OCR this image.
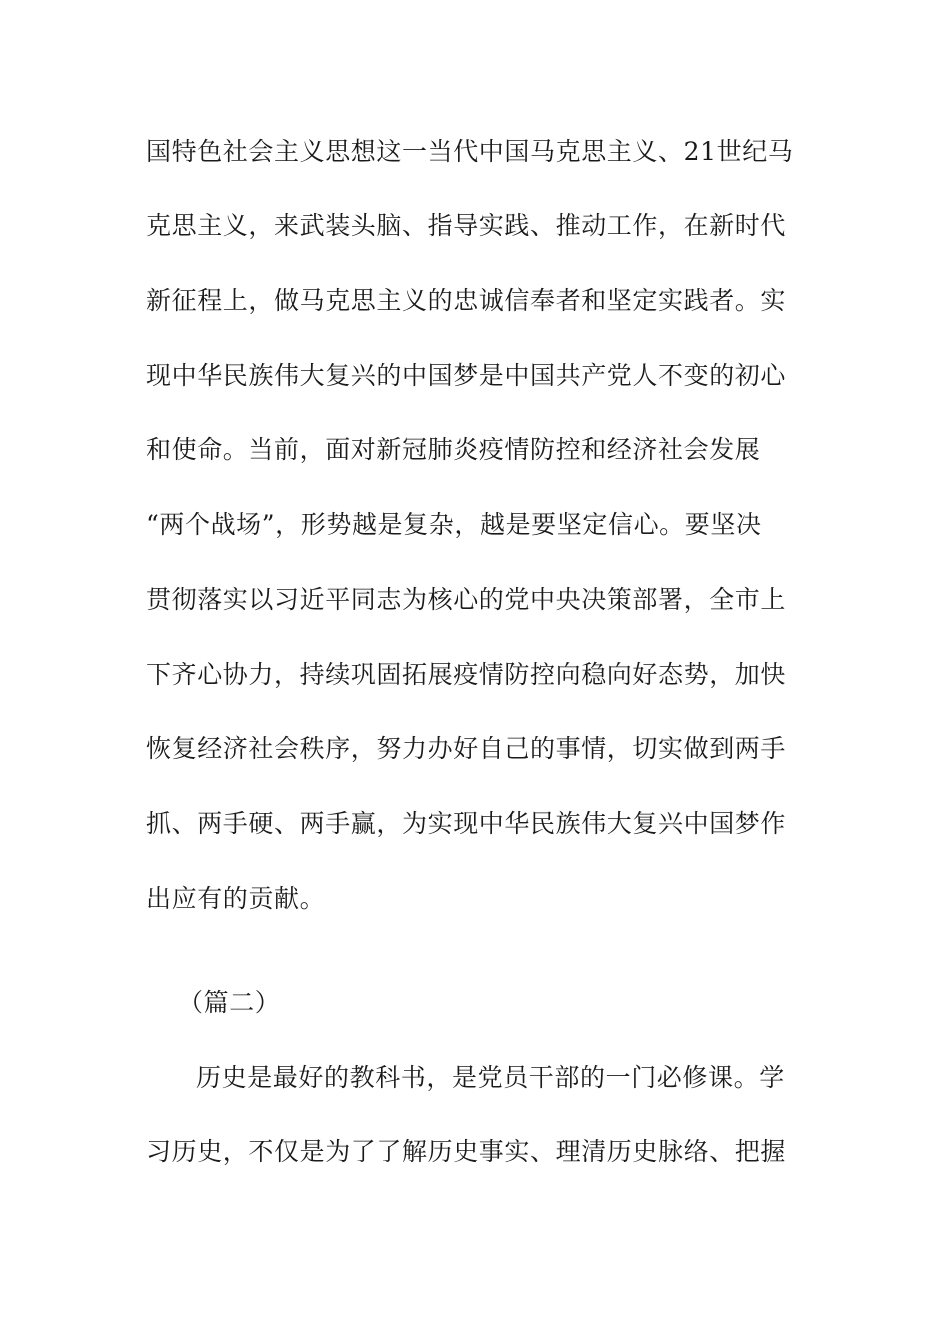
国特色社会主义思想这一当代中国马克思主义、21世纪马
克思主义，来武装头脑、指导实践、推动工作，在新时代
新征程上，做马克思主义的忠诚信奉者和坚定实践者。实
现中华民族伟大复兴的中国梦是中国共产党人不变的初心
和使命。当前，面对新冠肺炎疫情防控和经济社会发展
“两个战场”，形势越是复杂，越是要坚定信心。要坚决
贯彻落实以习近平同志为核心的党中央决策部署，全市上
下齐心协力，持续巩固拓展疫情防控向稳向好态势，加快
恢复经济社会秩序，努力办好自己的事情，切实做到两手
抓、两手硬、两手赢，为实现中华民族伟大复兴中国梦作
出应有的贡献。
（篇二）
历史是最好的教科书，是党员干部的一门必修课。学
习历史，不仅是为了了解历史事实、理清历史脉络、把握
